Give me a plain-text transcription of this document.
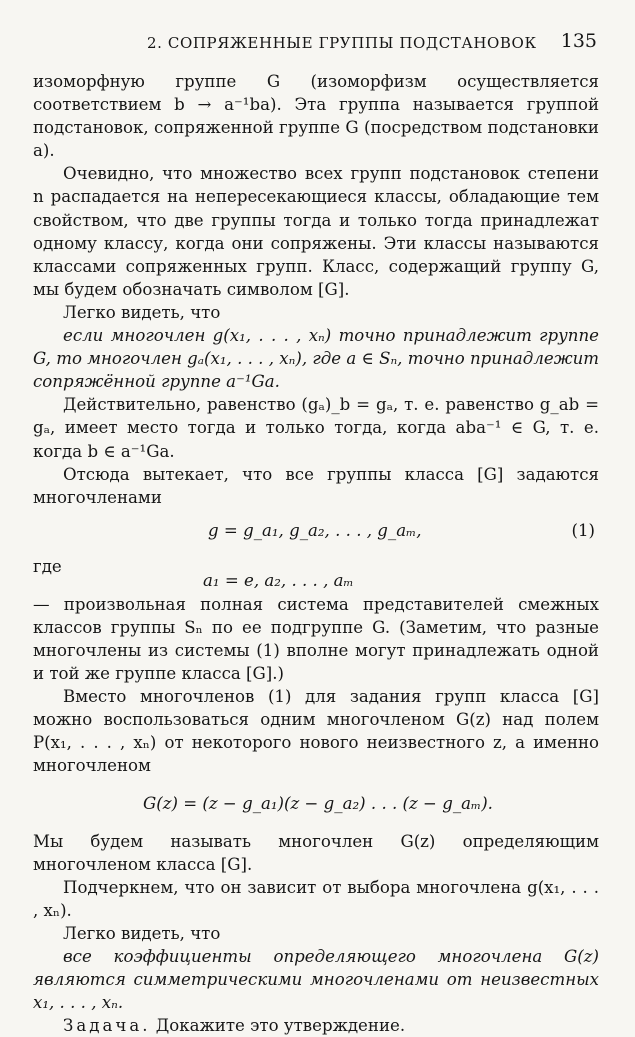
2. СОПРЯЖЕННЫЕ ГРУППЫ ПОДСТАНОВОК 135

изоморфную группе G (изоморфизм осуществляется соответствием b → a⁻¹ba). Эта группа называется группой подстановок, сопряженной группе G (посредством подстановки a).

Очевидно, что множество всех групп подстановок степени n распадается на непересекающиеся классы, обладающие тем свойством, что две группы тогда и только тогда принадлежат одному классу, когда они сопряжены. Эти классы называются классами сопряженных групп. Класс, содержащий группу G, мы будем обозначать символом [G].

Легко видеть, что

если многочлен g(x₁, . . . , xₙ) точно принадлежит группе G, то многочлен gₐ(x₁, . . . , xₙ), где a ∈ Sₙ, точно принадлежит сопряжённой группе a⁻¹Ga.

Действительно, равенство (gₐ)_b = gₐ, т. е. равенство g_ab = gₐ, имеет место тогда и только тогда, когда aba⁻¹ ∈ G, т. е. когда b ∈ a⁻¹Ga.

Отсюда вытекает, что все группы класса [G] задаются многочленами

g = g_a₁, g_a₂, . . . , g_aₘ,	(1)
где
a₁ = e, a₂, . . . , aₘ

— произвольная полная система представителей смежных классов группы Sₙ по ее подгруппе G. (Заметим, что разные многочлены из системы (1) вполне могут принадлежать одной и той же группе класса [G].)

Вместо многочленов (1) для задания групп класса [G] можно воспользоваться одним многочленом G(z) над полем P(x₁, . . . , xₙ) от некоторого нового неизвестного z, а именно многочленом

G(z) = (z − g_a₁)(z − g_a₂) . . . (z − g_aₘ).

Мы будем называть многочлен G(z) определяющим многочленом класса [G].

Подчеркнем, что он зависит от выбора многочлена g(x₁, . . . , xₙ).

Легко видеть, что

все коэффициенты определяющего многочлена G(z) являются симметрическими многочленами от неизвестных x₁, . . . , xₙ.

Задача. Докажите это утверждение.
